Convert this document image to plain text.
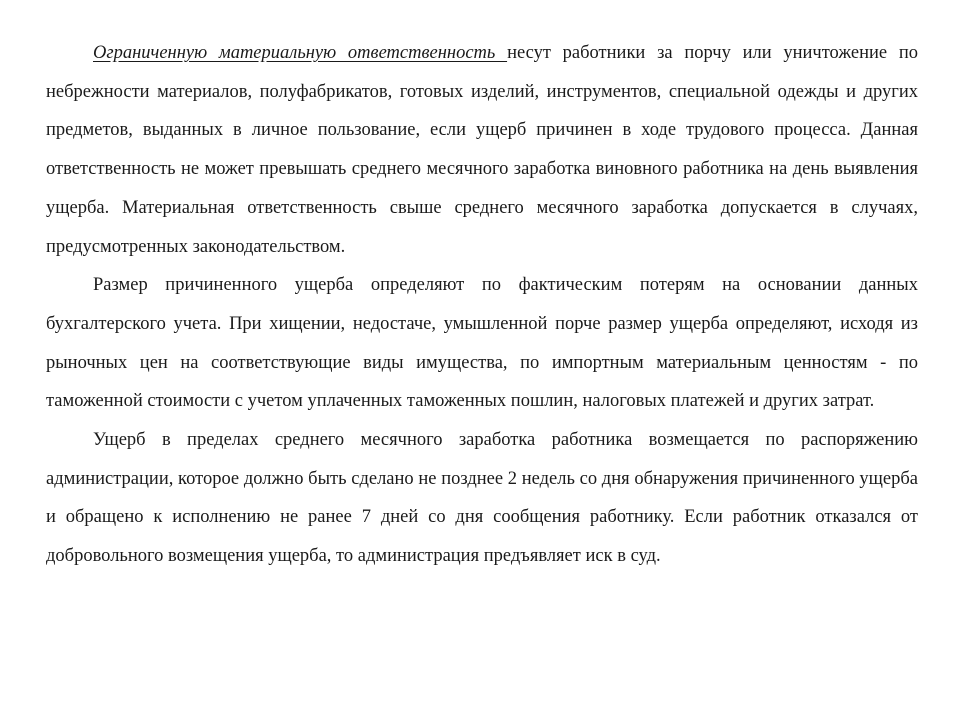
Ограниченную материальную ответственность несут работники за порчу или уничтожение по небрежности материалов, полуфабрикатов, готовых изделий, инструментов, специальной одежды и других предметов, выданных в личное пользование, если ущерб причинен в ходе трудового процесса. Данная ответственность не может превышать среднего месячного заработка виновного работника на день выявления ущерба. Материальная ответственность свыше среднего месячного заработка допускается в случаях, предусмотренных законодательством.

Размер причиненного ущерба определяют по фактическим потерям на основании данных бухгалтерского учета. При хищении, недостаче, умышленной порче размер ущерба определяют, исходя из рыночных цен на соответствующие виды имущества, по импортным материальным ценностям - по таможенной стоимости с учетом уплаченных таможенных пошлин, налоговых платежей и других затрат.

Ущерб в пределах среднего месячного заработка работника возмещается по распоряжению администрации, которое должно быть сделано не позднее 2 недель со дня обнаружения причиненного ущерба и обращено к исполнению не ранее 7 дней со дня сообщения работнику. Если работник отказался от добровольного возмещения ущерба, то администрация предъявляет иск в суд.
